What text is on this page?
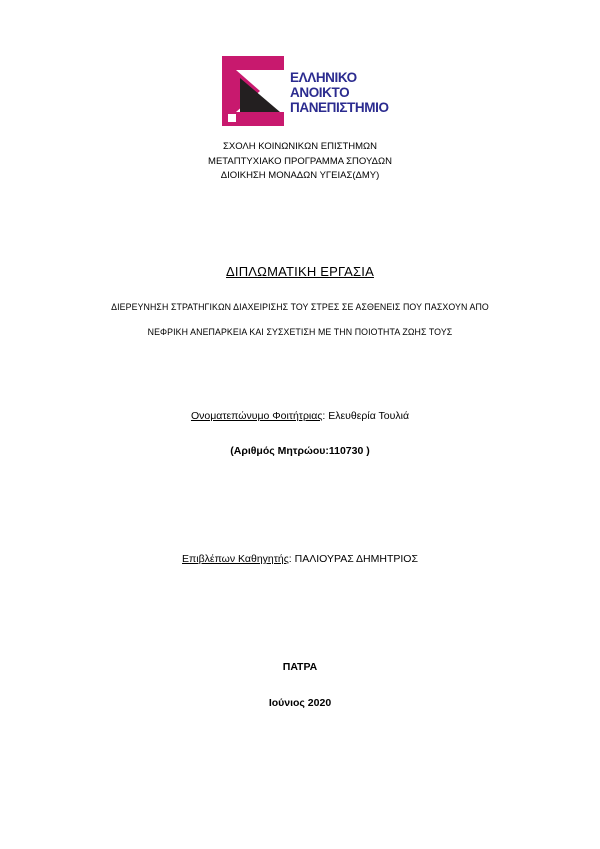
ΕΛΛΗΝΙΚΟ
ΑΝΟΙΚΤΟ
ΠΑΝΕΠΙΣΤΗΜΙΟ
ΣΧΟΛΗ ΚΟΙΝΩΝΙΚΩΝ ΕΠΙΣΤΗΜΩΝ
ΜΕΤΑΠΤΥΧΙΑΚΟ ΠΡΟΓΡΑΜΜΑ ΣΠΟΥΔΩΝ
ΔΙΟΙΚΗΣΗ ΜΟΝΑΔΩΝ ΥΓΕΙΑΣ(ΔΜΥ)
ΔΙΠΛΩΜΑΤΙΚΗ ΕΡΓΑΣΙΑ
ΔΙΕΡΕΥΝΗΣΗ ΣΤΡΑΤΗΓΙΚΩΝ ΔΙΑΧΕΙΡΙΣΗΣ ΤΟΥ ΣΤΡΕΣ ΣΕ ΑΣΘΕΝΕΙΣ ΠΟΥ ΠΑΣΧΟΥΝ ΑΠΟ
ΝΕΦΡΙΚΗ ΑΝΕΠΑΡΚΕΙΑ ΚΑΙ ΣΥΣΧΕΤΙΣΗ ΜΕ ΤΗΝ ΠΟΙΟΤΗΤΑ ΖΩΗΣ ΤΟΥΣ
Ονοματεπώνυμο Φοιτήτριας: Ελευθερία Τουλιά
(Αριθμός Μητρώου:110730 )
Επιβλέπων Καθηγητής: ΠΑΛΙΟΥΡΑΣ ΔΗΜΗΤΡΙΟΣ
ΠΑΤΡΑ
Ιούνιος 2020
